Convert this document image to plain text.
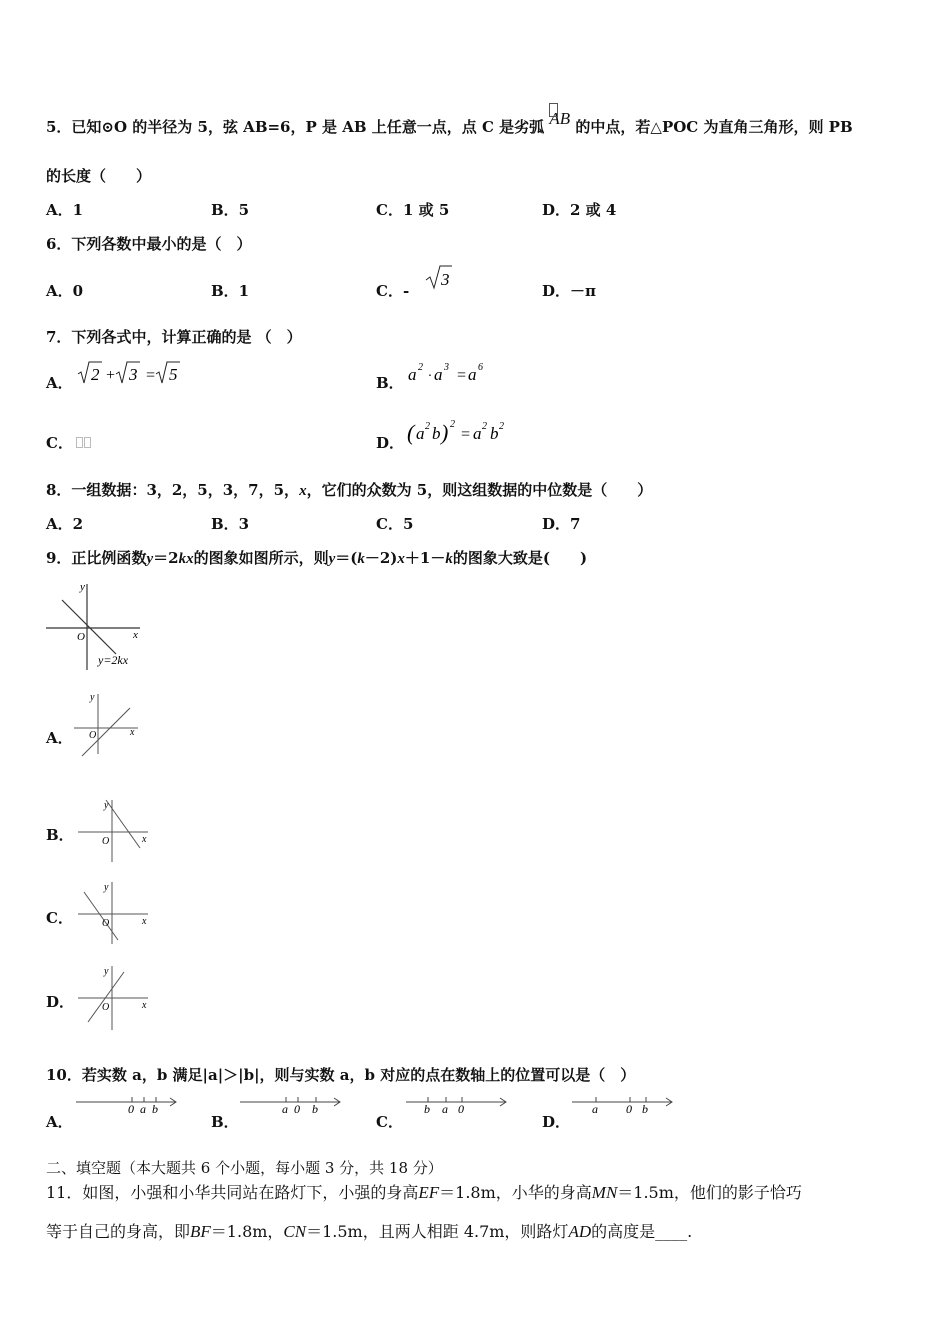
5．已知⊙O 的半径为 5，弦 AB=6，P 是 AB 上任意一点，点 C 是劣弧 AB 的中点，若△POC 为直角三角形，则 PB
的长度（　　）
A．1	B．5	C．1 或 5	D．2 或 4
6．下列各数中最小的是（　）
A．0	B．1	C．-
3
D．－π
7．下列各式中，计算正确的是 （　）
A． 2 + 3 = 5	B． a 2
· a 3 = a 6
C．	D． ( a 2 b ) 2
= a 2 b 2
8．一组数据：3，2，5，3，7，5，x，它们的众数为 5，则这组数据的中位数是（　　）
A．2	B．3	C．5	D．7
9．正比例函数y＝2kx的图象如图所示，则y＝(k－2)x＋1－k的图象大致是(　　)
y
x
O
y=2kx
A．
y
x
O
B．
y
x
O
C．
y
x
O
D．
y
x
O
10．若实数 a，b 满足|a|＞|b|，则与实数 a，b 对应的点在数轴上的位置可以是（　）
A．
0 a b
B．
a 0 b
C．
b a 0
D．
a 0 b
二、填空题（本大题共 6 个小题，每小题 3 分，共 18 分）
11．如图，小强和小华共同站在路灯下，小强的身高EF＝1.8m，小华的身高MN＝1.5m，他们的影子恰巧
等于自己的身高，即BF＝1.8m，CN＝1.5m，且两人相距 4.7m，则路灯AD的高度是____.
